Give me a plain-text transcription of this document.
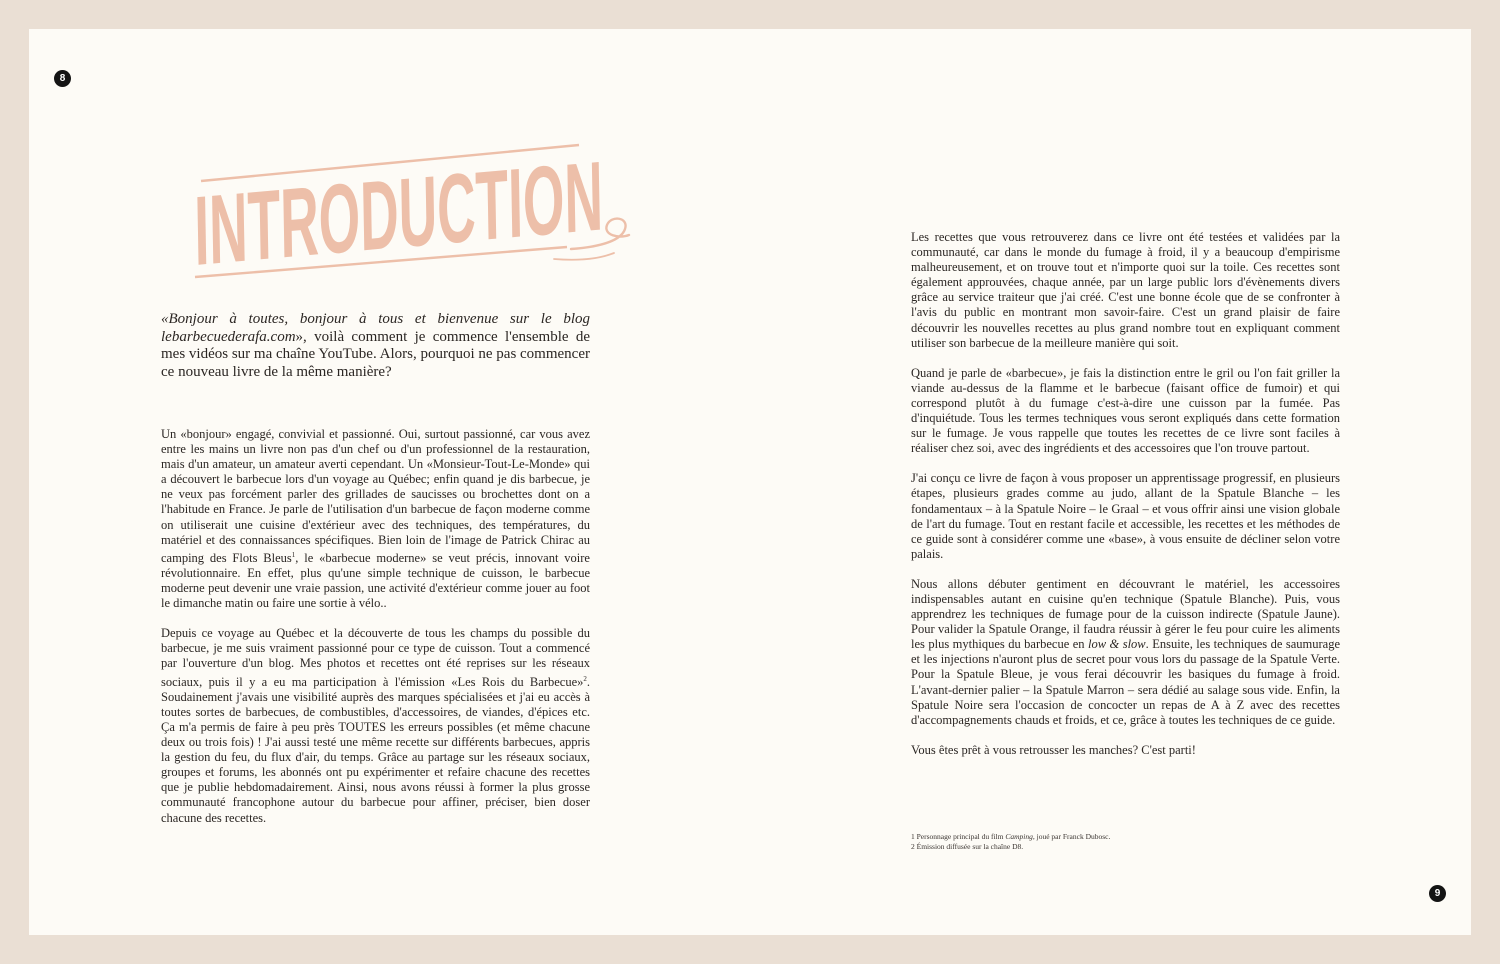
8
INTRODUCTION

«Bonjour à toutes, bonjour à tous et bienvenue sur le blog lebarbecuederafa.com», voilà comment je commence l'ensemble de mes vidéos sur ma chaîne YouTube. Alors, pourquoi ne pas commencer ce nouveau livre de la même manière?

Un «bonjour» engagé, convivial et passionné. Oui, surtout passionné, car vous avez entre les mains un livre non pas d'un chef ou d'un professionnel de la restauration, mais d'un amateur, un amateur averti cependant. Un «Monsieur-Tout-Le-Monde» qui a découvert le barbecue lors d'un voyage au Québec; enfin quand je dis barbecue, je ne veux pas forcément parler des grillades de saucisses ou brochettes dont on a l'habitude en France. Je parle de l'utilisation d'un barbecue de façon moderne comme on utiliserait une cuisine d'extérieur avec des techniques, des températures, du matériel et des connaissances spécifiques. Bien loin de l'image de Patrick Chirac au camping des Flots Bleus$^1$, le «barbecue moderne» se veut précis, innovant voire révolutionnaire. En effet, plus qu'une simple technique de cuisson, le barbecue moderne peut devenir une vraie passion, une activité d'extérieur comme jouer au foot le dimanche matin ou faire une sortie à vélo..

Depuis ce voyage au Québec et la découverte de tous les champs du possible du barbecue, je me suis vraiment passionné pour ce type de cuisson. Tout a commencé par l'ouverture d'un blog. Mes photos et recettes ont été reprises sur les réseaux sociaux, puis il y a eu ma participation à l'émission «Les Rois du Barbecue»$^2$. Soudainement j'avais une visibilité auprès des marques spécialisées et j'ai eu accès à toutes sortes de barbecues, de combustibles, d'accessoires, de viandes, d'épices etc. Ça m'a permis de faire à peu près TOUTES les erreurs possibles (et même chacune deux ou trois fois) ! J'ai aussi testé une même recette sur différents barbecues, appris la gestion du feu, du flux d'air, du temps. Grâce au partage sur les réseaux sociaux, groupes et forums, les abonnés ont pu expérimenter et refaire chacune des recettes que je publie hebdomadairement. Ainsi, nous avons réussi à former la plus grosse communauté francophone autour du barbecue pour affiner, préciser, bien doser chacune des recettes.

Les recettes que vous retrouverez dans ce livre ont été testées et validées par la communauté, car dans le monde du fumage à froid, il y a beaucoup d'empirisme malheureusement, et on trouve tout et n'importe quoi sur la toile. Ces recettes sont également approuvées, chaque année, par un large public lors d'évènements divers grâce au service traiteur que j'ai créé. C'est une bonne école que de se confronter à l'avis du public en montrant mon savoir-faire. C'est un grand plaisir de faire découvrir les nouvelles recettes au plus grand nombre tout en expliquant comment utiliser son barbecue de la meilleure manière qui soit.

Quand je parle de «barbecue», je fais la distinction entre le gril ou l'on fait griller la viande au-dessus de la flamme et le barbecue (faisant office de fumoir) et qui correspond plutôt à du fumage c'est-à-dire une cuisson par la fumée. Pas d'inquiétude. Tous les termes techniques vous seront expliqués dans cette formation sur le fumage. Je vous rappelle que toutes les recettes de ce livre sont faciles à réaliser chez soi, avec des ingrédients et des accessoires que l'on trouve partout.

J'ai conçu ce livre de façon à vous proposer un apprentissage progressif, en plusieurs étapes, plusieurs grades comme au judo, allant de la Spatule Blanche – les fondamentaux – à la Spatule Noire – le Graal – et vous offrir ainsi une vision globale de l'art du fumage. Tout en restant facile et accessible, les recettes et les méthodes de ce guide sont à considérer comme une «base», à vous ensuite de décliner selon votre palais.

Nous allons débuter gentiment en découvrant le matériel, les accessoires indispensables autant en cuisine qu'en technique (Spatule Blanche). Puis, vous apprendrez les techniques de fumage pour de la cuisson indirecte (Spatule Jaune). Pour valider la Spatule Orange, il faudra réussir à gérer le feu pour cuire les aliments les plus mythiques du barbecue en low & slow. Ensuite, les techniques de saumurage et les injections n'auront plus de secret pour vous lors du passage de la Spatule Verte. Pour la Spatule Bleue, je vous ferai découvrir les basiques du fumage à froid. L'avant-dernier palier – la Spatule Marron – sera dédié au salage sous vide. Enfin, la Spatule Noire sera l'occasion de concocter un repas de A à Z avec des recettes d'accompagnements chauds et froids, et ce, grâce à toutes les techniques de ce guide.

Vous êtes prêt à vous retrousser les manches? C'est parti!

1 Personnage principal du film Camping, joué par Franck Dubosc.
2 Émission diffusée sur la chaîne D8.
9
